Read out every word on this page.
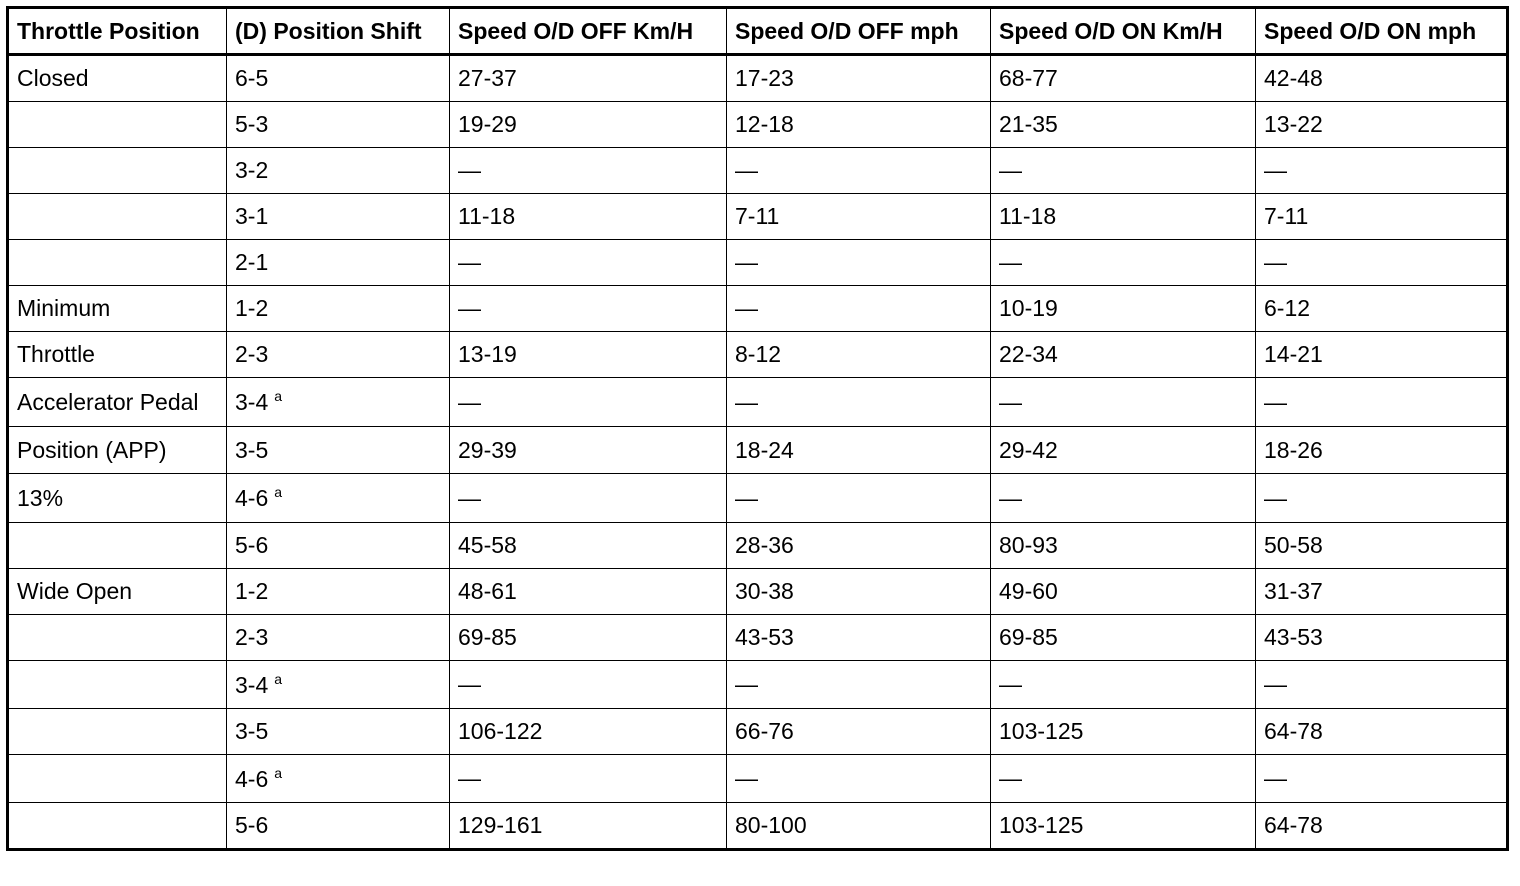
Throttle Position	(D) Position Shift	Speed O/D OFF Km/H	Speed O/D OFF mph	Speed O/D ON Km/H	Speed O/D ON mph
Closed	6-5	27-37	17-23	68-77	42-48
	5-3	19-29	12-18	21-35	13-22
	3-2	—	—	—	—
	3-1	11-18	7-11	11-18	7-11
	2-1	—	—	—	—
Minimum	1-2	—	—	10-19	6-12
Throttle	2-3	13-19	8-12	22-34	14-21
Accelerator Pedal	3-4 $^a$	—	—	—	—
Position (APP)	3-5	29-39	18-24	29-42	18-26
13%	4-6 $^a$	—	—	—	—
	5-6	45-58	28-36	80-93	50-58
Wide Open	1-2	48-61	30-38	49-60	31-37
	2-3	69-85	43-53	69-85	43-53
	3-4 $^a$	—	—	—	—
	3-5	106-122	66-76	103-125	64-78
	4-6 $^a$	—	—	—	—
	5-6	129-161	80-100	103-125	64-78
